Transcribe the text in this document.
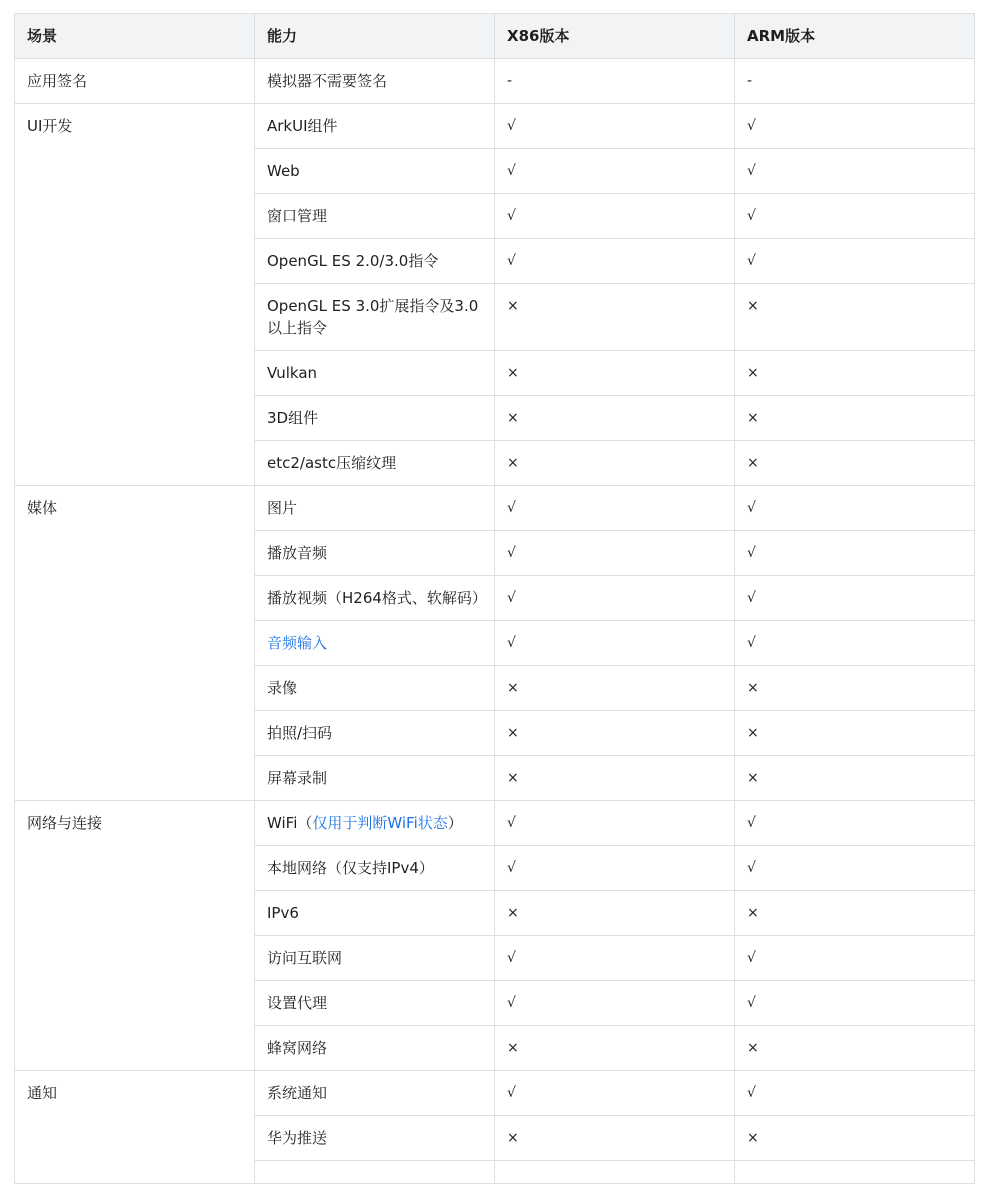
场景	能力	X86版本	ARM版本
应用签名	模拟器不需要签名	-	-
UI开发	ArkUI组件	√	√
	Web	√	√
	窗口管理	√	√
	OpenGL ES 2.0/3.0指令	√	√
	OpenGL ES 3.0扩展指令及3.0以上指令	×	×
	Vulkan	×	×
	3D组件	×	×
	etc2/astc压缩纹理	×	×
媒体	图片	√	√
	播放音频	√	√
	播放视频（H264格式、软解码）	√	√
	音频输入	√	√
	录像	×	×
	拍照/扫码	×	×
	屏幕录制	×	×
网络与连接	WiFi（仅用于判断WiFi状态）	√	√
	本地网络（仅支持IPv4）	√	√
	IPv6	×	×
	访问互联网	√	√
	设置代理	√	√
	蜂窝网络	×	×
通知	系统通知	√	√
	华为推送	×	×
